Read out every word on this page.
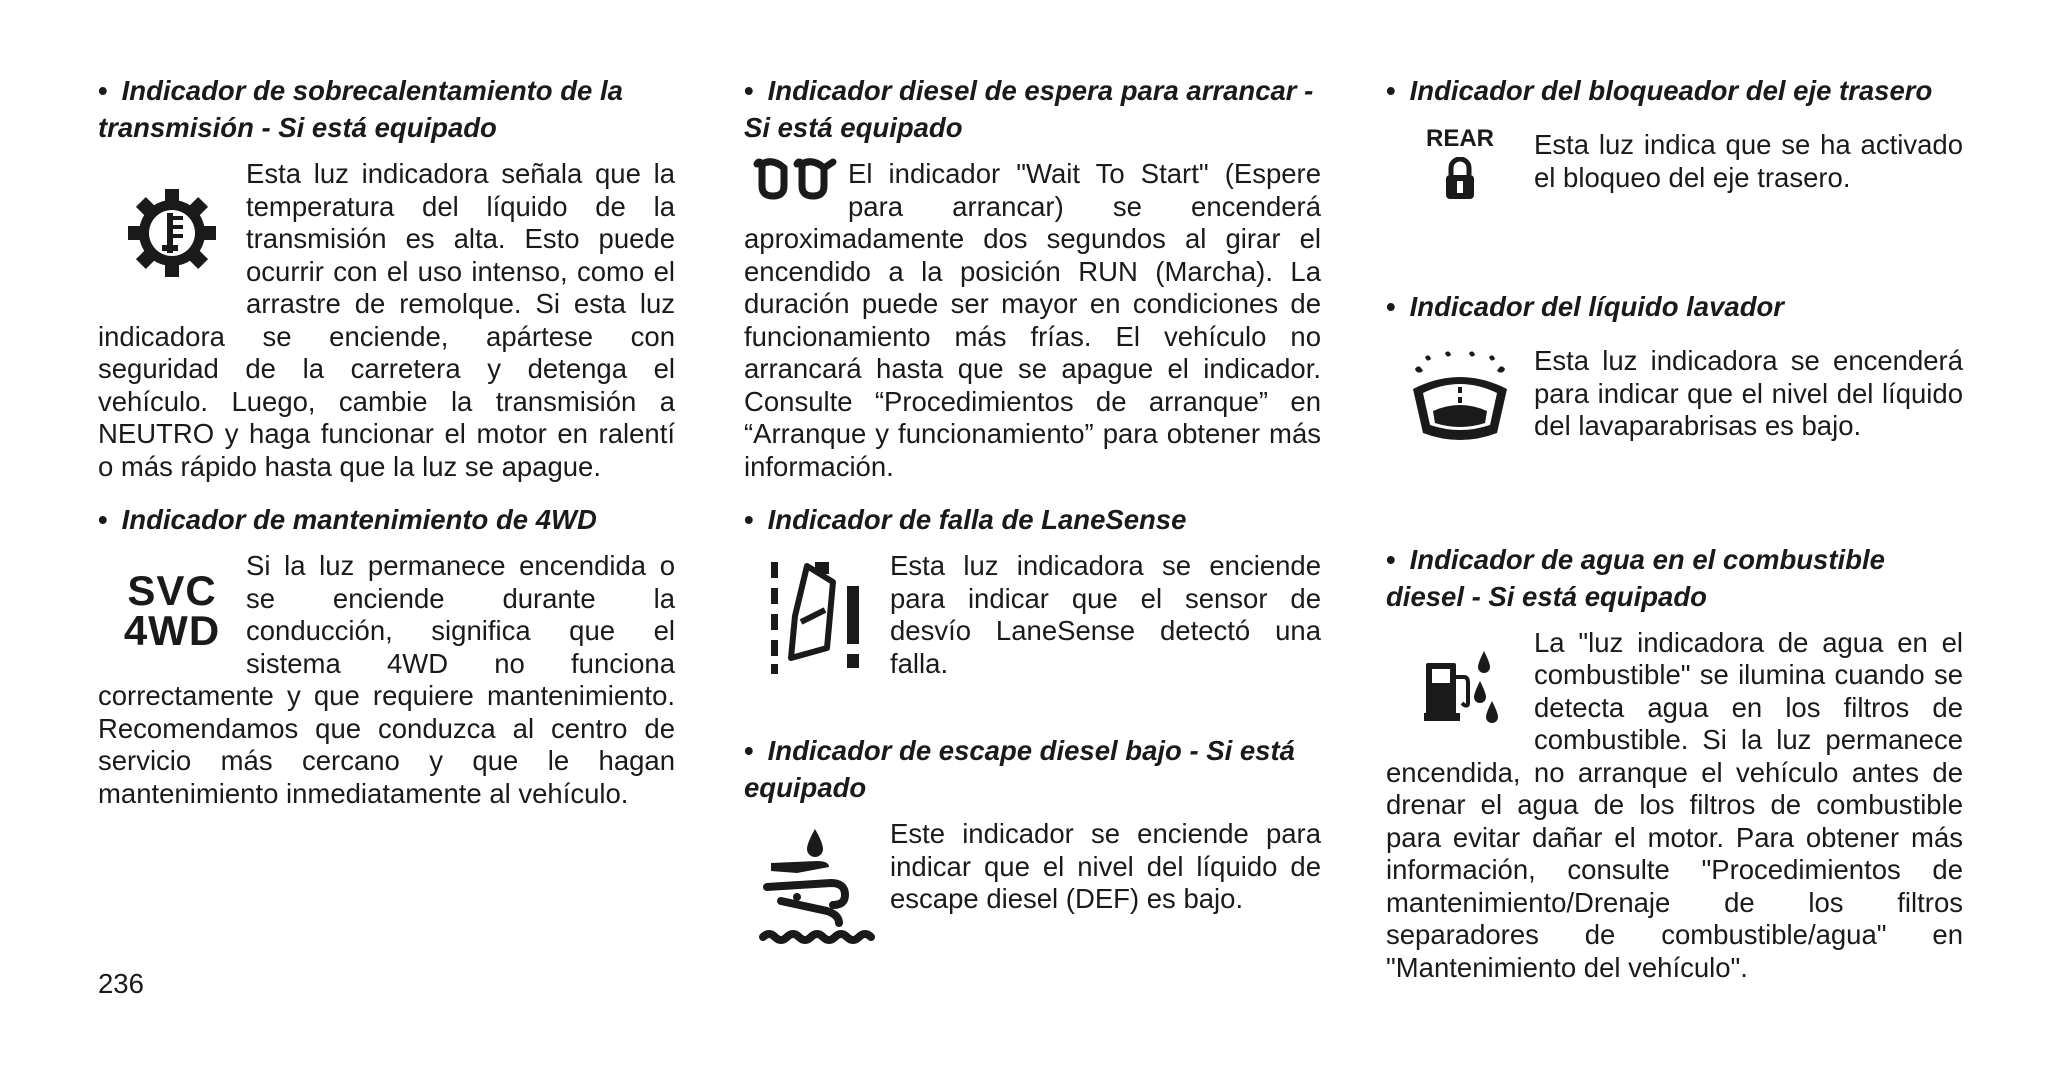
• Indicador de sobrecalentamiento de la transmisión - Si está equipado

Esta luz indicadora señala que la temperatura del líquido de la transmisión es alta. Esto puede ocurrir con el uso intenso, como el arrastre de remolque. Si esta luz indicadora se enciende, apártese con seguridad de la carretera y detenga el vehículo. Luego, cambie la transmisión a NEUTRO y haga funcionar el motor en ralentí o más rápido hasta que la luz se apague.

• Indicador de mantenimiento de 4WD

SVC
4WD

Si la luz permanece encendida o se enciende durante la conducción, significa que el sistema 4WD no funciona correctamente y que requiere mantenimiento. Recomendamos que conduzca al centro de servicio más cercano y que le hagan mantenimiento inmediatamente al vehículo.

• Indicador diesel de espera para arrancar - Si está equipado

El indicador "Wait To Start" (Espere para arrancar) se encenderá aproximadamente dos segundos al girar el encendido a la posición RUN (Marcha). La duración puede ser mayor en condiciones de funcionamiento más frías. El vehículo no arrancará hasta que se apague el indicador. Consulte “Procedimientos de arranque” en “Arranque y funcionamiento” para obtener más información.

• Indicador de falla de LaneSense

Esta luz indicadora se enciende para indicar que el sensor de desvío LaneSense detectó una falla.

• Indicador de escape diesel bajo - Si está equipado

Este indicador se enciende para indicar que el nivel del líquido de escape diesel (DEF) es bajo.

• Indicador del bloqueador del eje trasero

REAR	Esta luz indica que se ha activado el bloqueo del eje trasero.

• Indicador del líquido lavador

Esta luz indicadora se encenderá para indicar que el nivel del líquido del lavaparabrisas es bajo.

• Indicador de agua en el combustible diesel - Si está equipado

La "luz indicadora de agua en el combustible" se ilumina cuando se detecta agua en los filtros de combustible. Si la luz permanece encendida, no arranque el vehículo antes de drenar el agua de los filtros de combustible para evitar dañar el motor. Para obtener más información, consulte "Procedimientos de mantenimiento/Drenaje de los filtros separadores de combustible/agua" en "Mantenimiento del vehículo".

236
